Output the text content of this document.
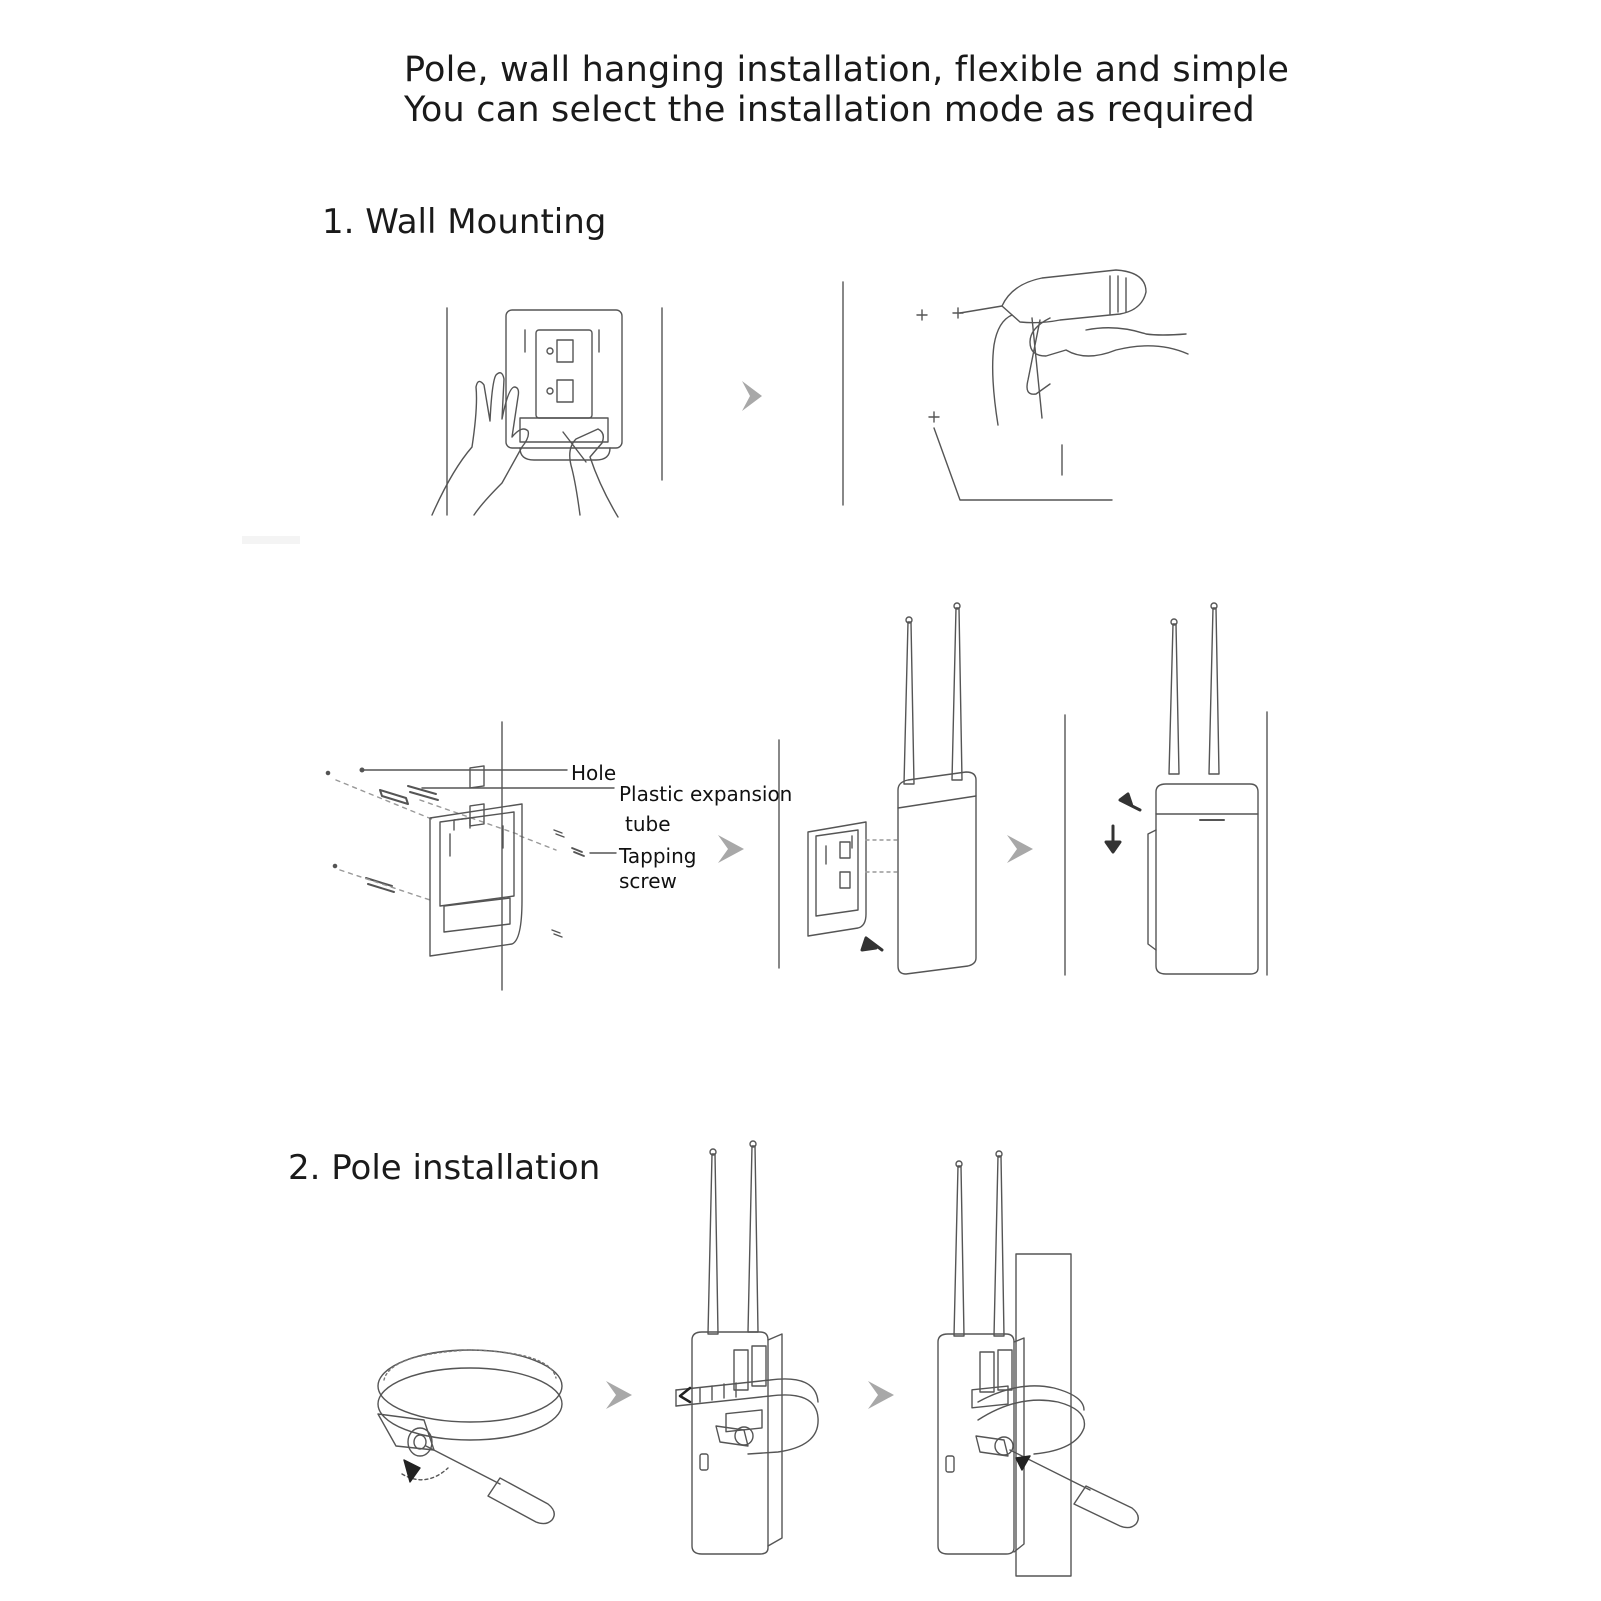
Pole, wall hanging installation, flexible and simple
You can select the installation mode as required
1. Wall Mounting
2. Pole installation
Hole
Plastic expansion
tube
Tapping
screw
